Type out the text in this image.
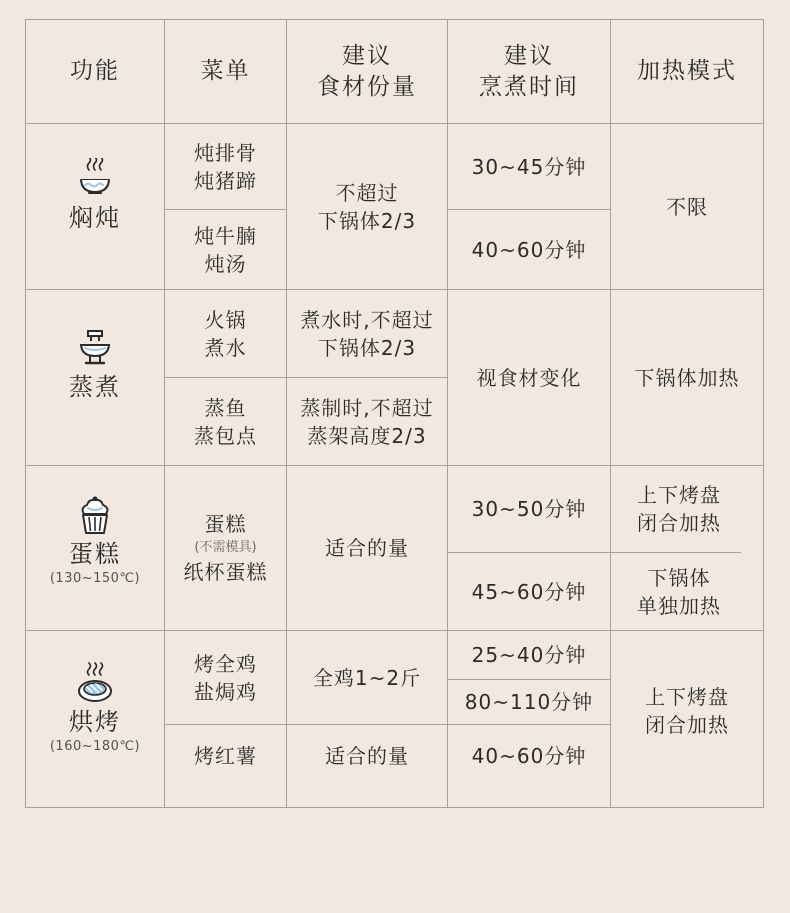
功能	菜单
建议
食材份量
建议
烹煮时间
加热模式
焖炖
炖排骨
炖猪蹄
炖牛腩
炖汤
不超过
下锅体2/3
30~45分钟
40~60分钟
不限
蒸煮
火锅
煮水
蒸鱼
蒸包点
煮水时,不超过
下锅体2/3
蒸制时,不超过
蒸架高度2/3
视食材变化	下锅体加热
蛋糕
(130~150℃)
蛋糕
(不需模具)
纸杯蛋糕
适合的量
30~50分钟
45~60分钟
上下烤盘
闭合加热
下锅体
单独加热
烘烤
(160~180℃)
烤全鸡
盐焗鸡
烤红薯
全鸡1~2斤
适合的量
25~40分钟
80~110分钟
40~60分钟
上下烤盘
闭合加热
